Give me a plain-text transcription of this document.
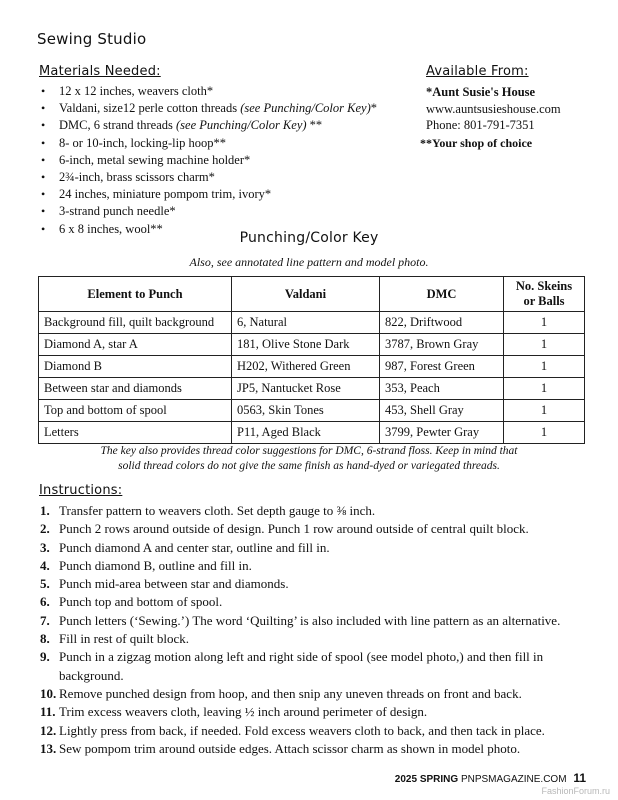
Sewing Studio
Materials Needed:
• 12 x 12 inches, weavers cloth*
• Valdani, size12 perle cotton threads (see Punching/Color Key)*
• DMC, 6 strand threads (see Punching/Color Key) **
• 8- or 10-inch, locking-lip hoop**
• 6-inch, metal sewing machine holder*
• 2¾-inch, brass scissors charm*
• 24 inches, miniature pompom trim, ivory*
• 3-strand punch needle*
• 6 x 8 inches, wool**
Available From:
*Aunt Susie's House
www.auntsusieshouse.com
Phone: 801-791-7351
**Your shop of choice
Punching/Color Key
Also, see annotated line pattern and model photo.
Element to Punch	Valdani	DMC	No. Skeins or Balls
Background fill, quilt background	6, Natural	822, Driftwood	1
Diamond A, star A	181, Olive Stone Dark	3787, Brown Gray	1
Diamond B	H202, Withered Green	987, Forest Green	1
Between star and diamonds	JP5, Nantucket Rose	353, Peach	1
Top and bottom of spool	0563, Skin Tones	453, Shell Gray	1
Letters	P11, Aged Black	3799, Pewter Gray	1
The key also provides thread color suggestions for DMC, 6-strand floss. Keep in mind that
solid thread colors do not give the same finish as hand-dyed or variegated threads.
Instructions:
1. Transfer pattern to weavers cloth. Set depth gauge to ⅜ inch.
2. Punch 2 rows around outside of design. Punch 1 row around outside of central quilt block.
3. Punch diamond A and center star, outline and fill in.
4. Punch diamond B, outline and fill in.
5. Punch mid-area between star and diamonds.
6. Punch top and bottom of spool.
7. Punch letters (‘Sewing.’) The word ‘Quilting’ is also included with line pattern as an alternative.
8. Fill in rest of quilt block.
9. Punch in a zigzag motion along left and right side of spool (see model photo,) and then fill in background.
10. Remove punched design from hoop, and then snip any uneven threads on front and back.
11. Trim excess weavers cloth, leaving ½ inch around perimeter of design.
12. Lightly press from back, if needed. Fold excess weavers cloth to back, and then tack in place.
13. Sew pompom trim around outside edges. Attach scissor charm as shown in model photo.
2025 SPRING PNPSMAGAZINE.COM 11
FashionForum.ru
